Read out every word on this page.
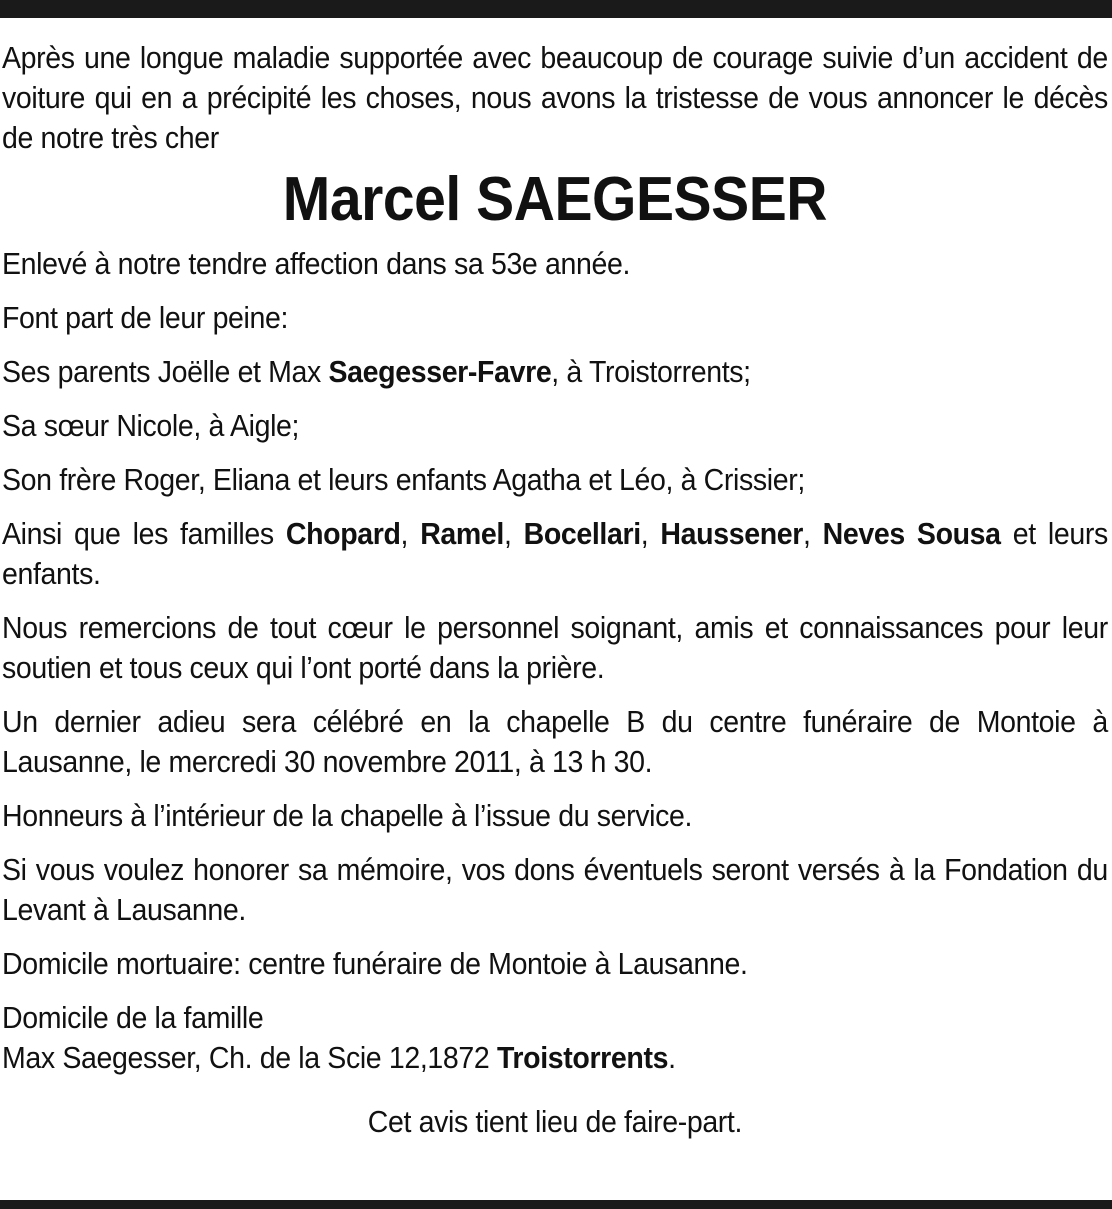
Après une longue maladie supportée avec beaucoup de courage suivie d’un accident de voiture qui en a précipité les choses, nous avons la tristesse de vous annoncer le décès de notre très cher

Marcel SAEGESSER

Enlevé à notre tendre affection dans sa 53e année.

Font part de leur peine:

Ses parents Joëlle et Max Saegesser-Favre, à Troistorrents;

Sa sœur Nicole, à Aigle;

Son frère Roger, Eliana et leurs enfants Agatha et Léo, à Crissier;

Ainsi que les familles Chopard, Ramel, Bocellari, Haussener, Neves Sousa et leurs enfants.

Nous remercions de tout cœur le personnel soignant, amis et connaissances pour leur soutien et tous ceux qui l’ont porté dans la prière.

Un dernier adieu sera célébré en la chapelle B du centre funéraire de Montoie à Lausanne, le mercredi 30 novembre 2011, à 13 h 30.

Honneurs à l’intérieur de la chapelle à l’issue du service.

Si vous voulez honorer sa mémoire, vos dons éventuels seront versés à la Fondation du Levant à Lausanne.

Domicile mortuaire: centre funéraire de Montoie à Lausanne.

Domicile de la famille
Max Saegesser, Ch. de la Scie 12,1872 Troistorrents.

Cet avis tient lieu de faire-part.
